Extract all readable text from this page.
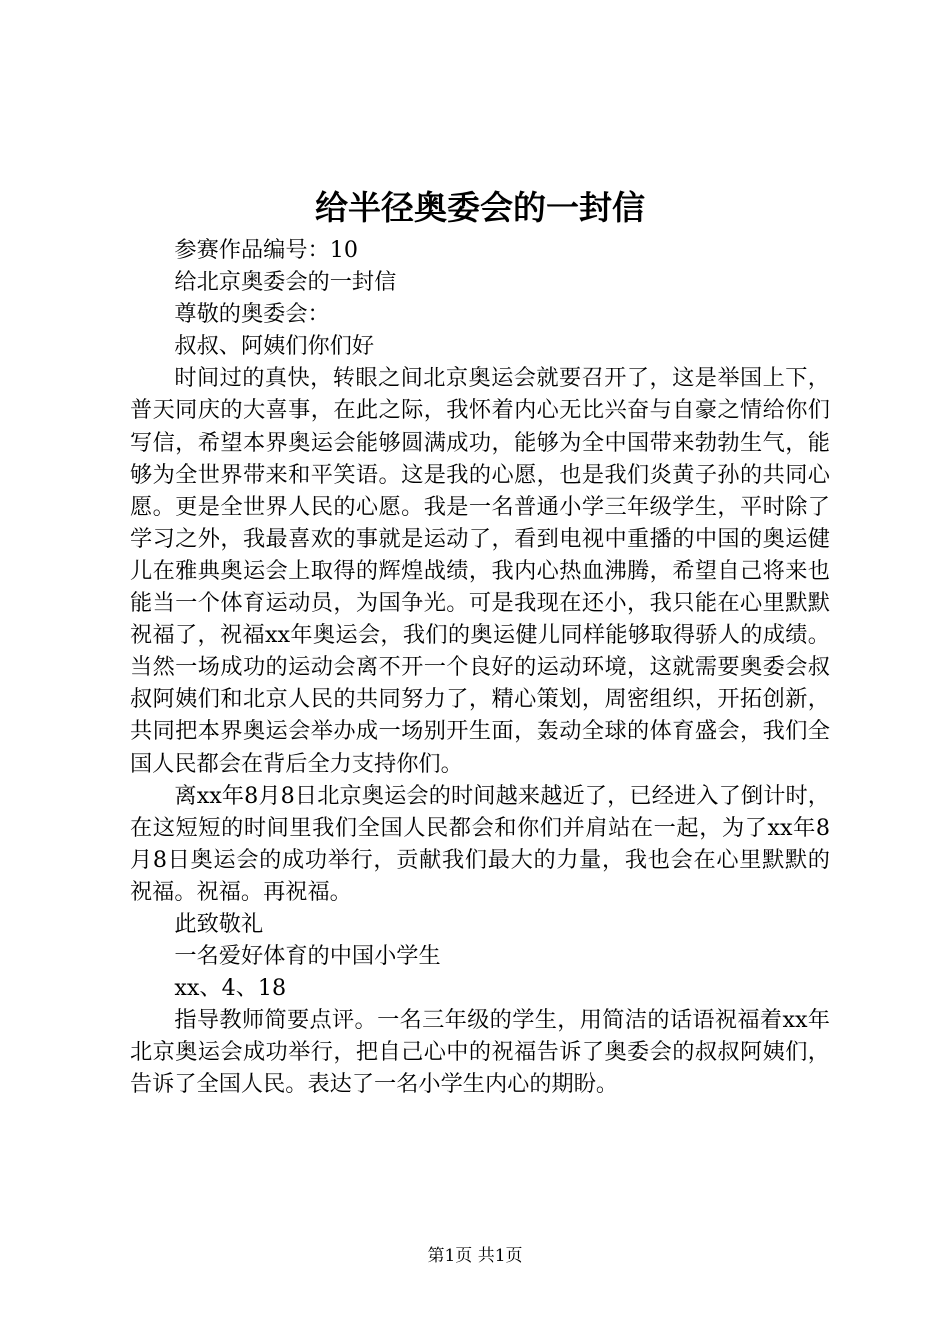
给半径奥委会的一封信

参赛作品编号：10

给北京奥委会的一封信

尊敬的奥委会：

叔叔、阿姨们你们好

时间过的真快，转眼之间北京奥运会就要召开了，这是举国上下，普天同庆的大喜事，在此之际，我怀着内心无比兴奋与自豪之情给你们写信，希望本界奥运会能够圆满成功，能够为全中国带来勃勃生气，能够为全世界带来和平笑语。这是我的心愿，也是我们炎黄子孙的共同心愿。更是全世界人民的心愿。我是一名普通小学三年级学生，平时除了学习之外，我最喜欢的事就是运动了，看到电视中重播的中国的奥运健儿在雅典奥运会上取得的辉煌战绩，我内心热血沸腾，希望自己将来也能当一个体育运动员，为国争光。可是我现在还小，我只能在心里默默祝福了，祝福xx年奥运会，我们的奥运健儿同样能够取得骄人的成绩。当然一场成功的运动会离不开一个良好的运动环境，这就需要奥委会叔叔阿姨们和北京人民的共同努力了，精心策划，周密组织，开拓创新，共同把本界奥运会举办成一场别开生面，轰动全球的体育盛会，我们全国人民都会在背后全力支持你们。

离xx年8月8日北京奥运会的时间越来越近了，已经进入了倒计时，在这短短的时间里我们全国人民都会和你们并肩站在一起，为了xx年8月8日奥运会的成功举行，贡献我们最大的力量，我也会在心里默默的祝福。祝福。再祝福。

此致敬礼

一名爱好体育的中国小学生

xx、4、18

指导教师简要点评。一名三年级的学生，用简洁的话语祝福着xx年北京奥运会成功举行，把自己心中的祝福告诉了奥委会的叔叔阿姨们，告诉了全国人民。表达了一名小学生内心的期盼。

第1页 共1页
